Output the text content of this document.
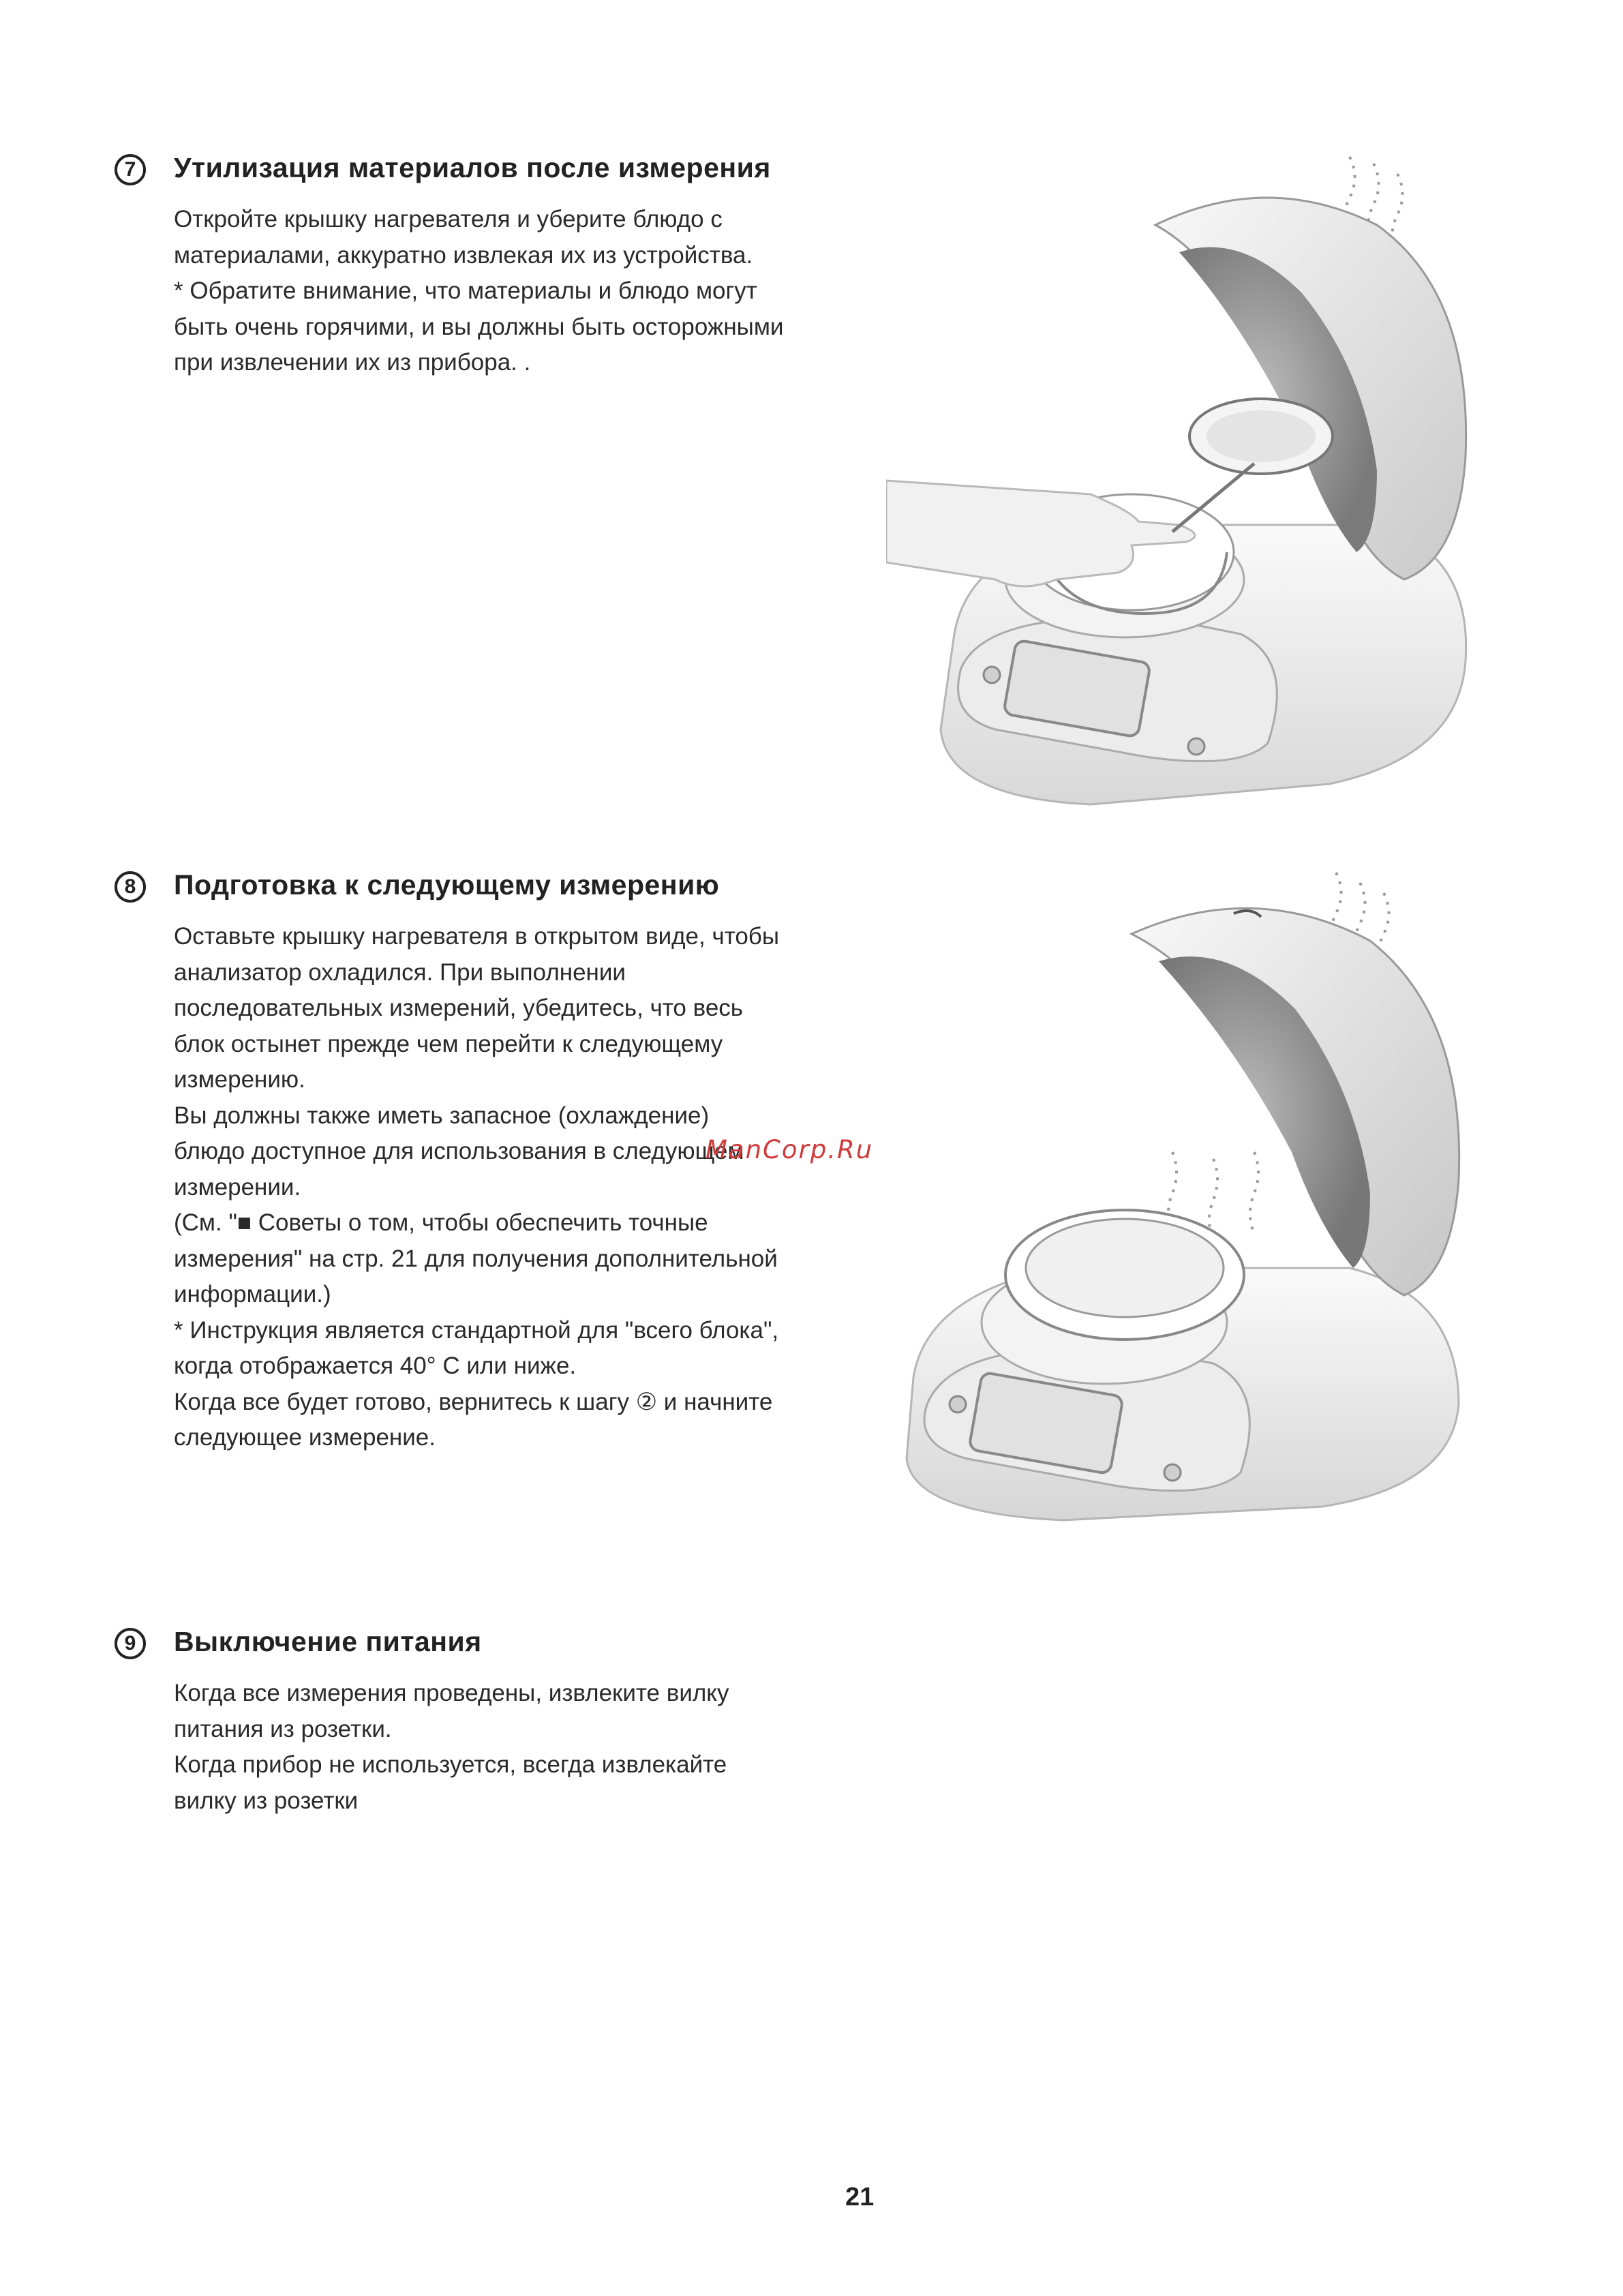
7	Утилизация материалов после измерения
Откройте крышку нагревателя и уберите блюдо с
материалами, аккуратно извлекая их из устройства.
* Обратите внимание, что материалы и блюдо могут
быть очень горячими, и вы должны быть осторожными
при извлечении их из прибора. .
8	Подготовка к следующему измерению
Оставьте крышку нагревателя в открытом виде, чтобы
анализатор охладился. При выполнении
последовательных измерений, убедитесь, что весь
блок остынет прежде чем перейти к следующему
измерению.
Вы должны также иметь запасное (охлаждение)
блюдо доступное для использования в следующем
измерении.
(См. "■ Советы о том, чтобы обеспечить точные
измерения" на стр. 21 для получения дополнительной
информации.)
* Инструкция является стандартной для "всего блока",
когда отображается 40° C или ниже.
Когда все будет готово, вернитесь к шагу ② и начните
следующее измерение.
ManCorp.Ru
9	Выключение питания
Когда все измерения проведены, извлеките вилку
питания из розетки.
Когда прибор не используется, всегда извлекайте
вилку из розетки
21
